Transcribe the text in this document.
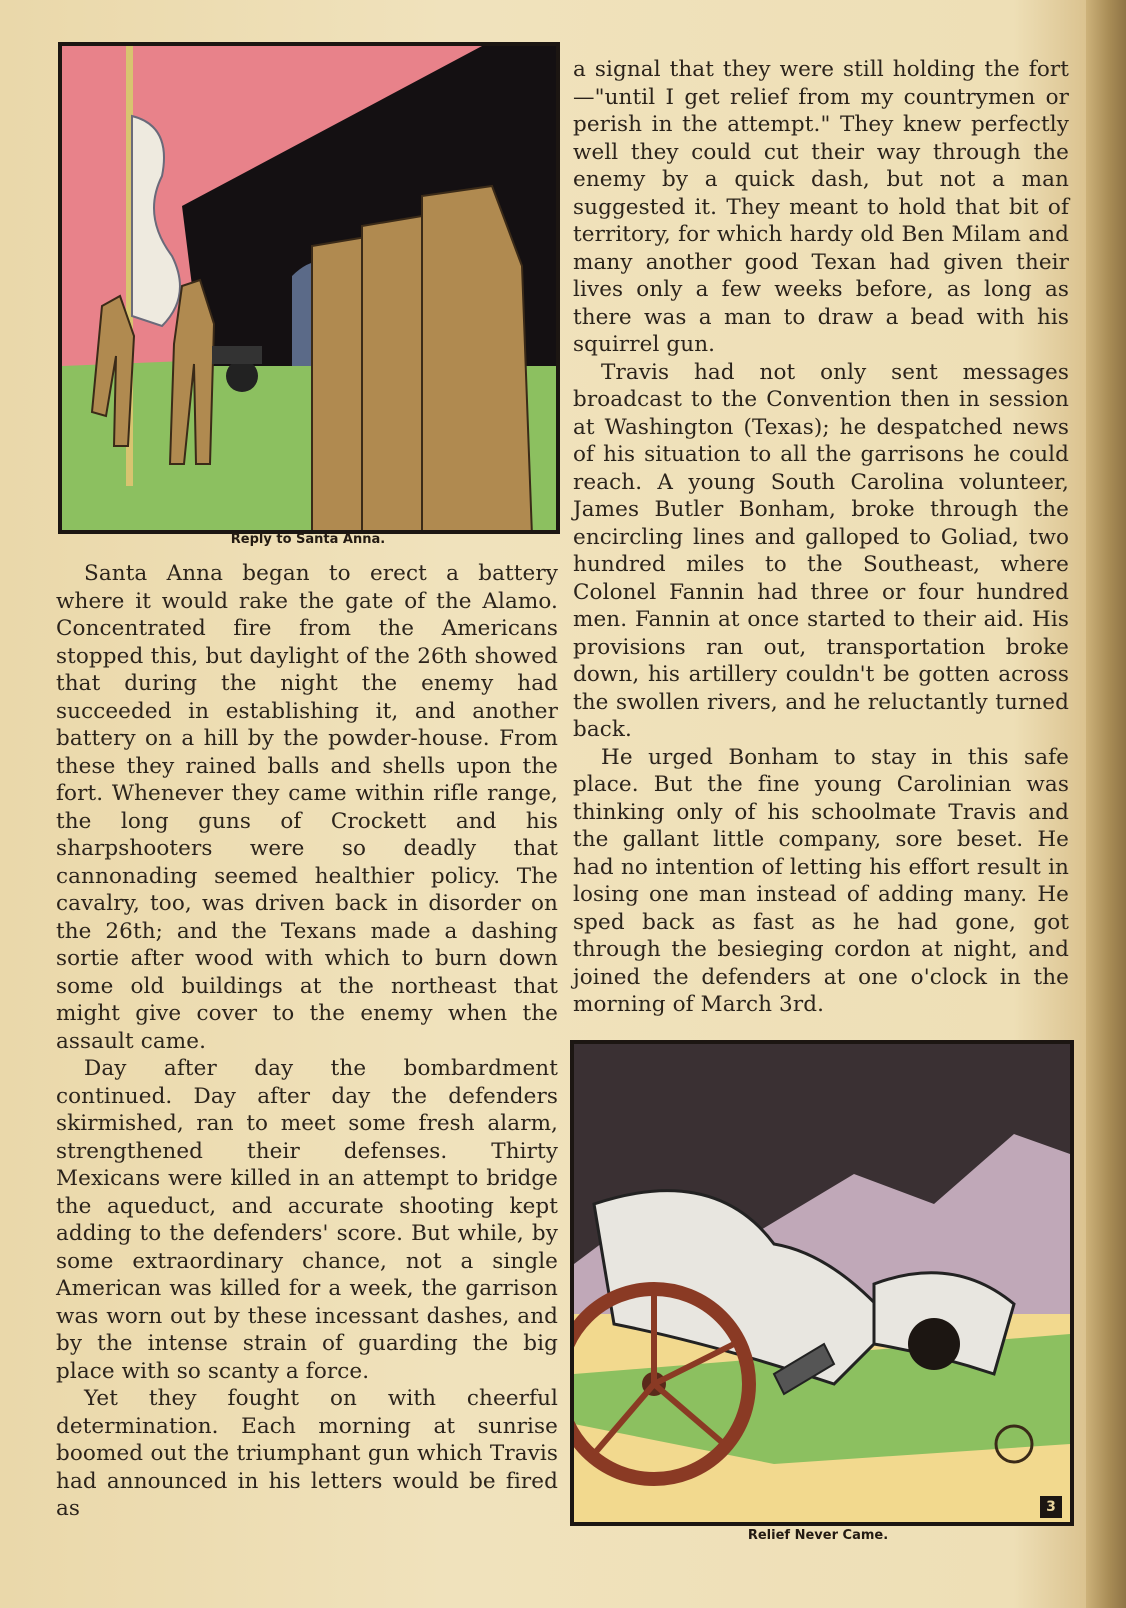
Reply to Santa Anna.

Santa Anna began to erect a battery where it would rake the gate of the Alamo. Concentrated fire from the Americans stopped this, but daylight of the 26th showed that during the night the enemy had succeeded in establishing it, and another battery on a hill by the powder-house. From these they rained balls and shells upon the fort. Whenever they came within rifle range, the long guns of Crockett and his sharpshooters were so deadly that cannonading seemed healthier policy. The cavalry, too, was driven back in disorder on the 26th; and the Texans made a dashing sortie after wood with which to burn down some old buildings at the northeast that might give cover to the enemy when the assault came.

Day after day the bombardment continued. Day after day the defenders skirmished, ran to meet some fresh alarm, strengthened their defenses. Thirty Mexicans were killed in an attempt to bridge the aqueduct, and accurate shooting kept adding to the defenders' score. But while, by some extraordinary chance, not a single American was killed for a week, the garrison was worn out by these incessant dashes, and by the intense strain of guarding the big place with so scanty a force.

Yet they fought on with cheerful determination. Each morning at sunrise boomed out the triumphant gun which Travis had announced in his letters would be fired as

a signal that they were still holding the fort—"until I get relief from my countrymen or perish in the attempt." They knew perfectly well they could cut their way through the enemy by a quick dash, but not a man suggested it. They meant to hold that bit of territory, for which hardy old Ben Milam and many another good Texan had given their lives only a few weeks before, as long as there was a man to draw a bead with his squirrel gun.

Travis had not only sent messages broadcast to the Convention then in session at Washington (Texas); he despatched news of his situation to all the garrisons he could reach. A young South Carolina volunteer, James Butler Bonham, broke through the encircling lines and galloped to Goliad, two hundred miles to the Southeast, where Colonel Fannin had three or four hundred men. Fannin at once started to their aid. His provisions ran out, transportation broke down, his artillery couldn't be gotten across the swollen rivers, and he reluctantly turned back.

He urged Bonham to stay in this safe place. But the fine young Carolinian was thinking only of his schoolmate Travis and the gallant little company, sore beset. He had no intention of letting his effort result in losing one man instead of adding many. He sped back as fast as he had gone, got through the besieging cordon at night, and joined the defenders at one o'clock in the morning of March 3rd.

3
Relief Never Came.
